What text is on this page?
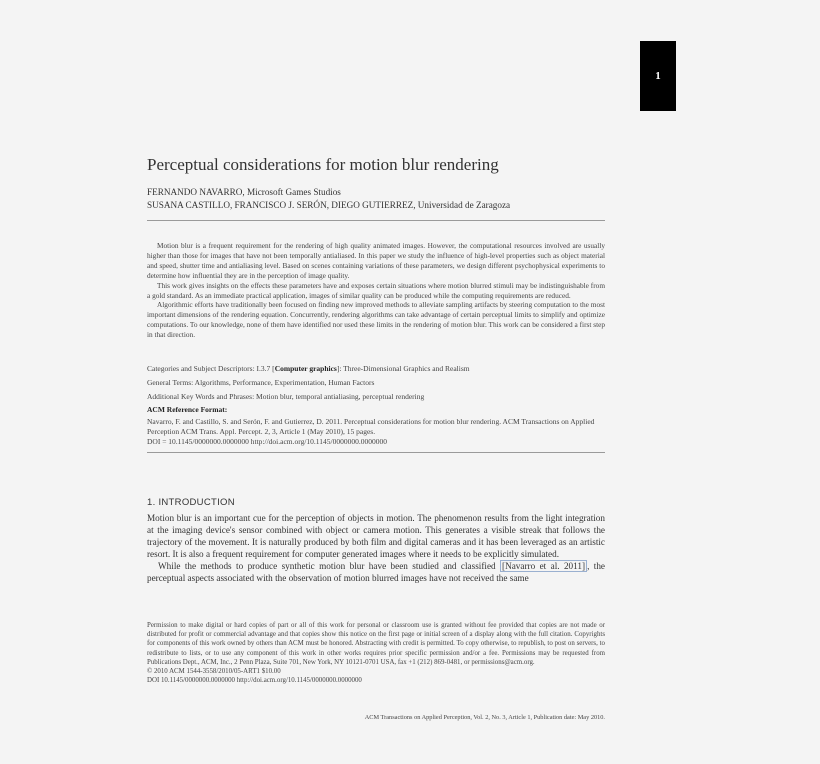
1
Perceptual considerations for motion blur rendering
FERNANDO NAVARRO, Microsoft Games Studios
SUSANA CASTILLO, FRANCISCO J. SERÓN, DIEGO GUTIERREZ, Universidad de Zaragoza

Motion blur is a frequent requirement for the rendering of high quality animated images. However, the computational resources involved are usually higher than those for images that have not been temporally antialiased. In this paper we study the influence of high-level properties such as object material and speed, shutter time and antialiasing level. Based on scenes containing variations of these parameters, we design different psychophysical experiments to determine how influential they are in the perception of image quality.

This work gives insights on the effects these parameters have and exposes certain situations where motion blurred stimuli may be indistinguishable from a gold standard. As an immediate practical application, images of similar quality can be produced while the computing requirements are reduced.

Algorithmic efforts have traditionally been focused on finding new improved methods to alleviate sampling artifacts by steering computation to the most important dimensions of the rendering equation. Concurrently, rendering algorithms can take advantage of certain perceptual limits to simplify and optimize computations. To our knowledge, none of them have identified nor used these limits in the rendering of motion blur. This work can be considered a first step in that direction.

Categories and Subject Descriptors: I.3.7 [Computer graphics]: Three-Dimensional Graphics and Realism
General Terms: Algorithms, Performance, Experimentation, Human Factors
Additional Key Words and Phrases: Motion blur, temporal antialiasing, perceptual rendering
ACM Reference Format:
Navarro, F. and Castillo, S. and Serón, F. and Gutierrez, D. 2011. Perceptual considerations for motion blur rendering. ACM Transactions on Applied Perception ACM Trans. Appl. Percept. 2, 3, Article 1 (May 2010), 15 pages.
DOI = 10.1145/0000000.0000000 http://doi.acm.org/10.1145/0000000.0000000
1. INTRODUCTION

Motion blur is an important cue for the perception of objects in motion. The phenomenon results from the light integration at the imaging device's sensor combined with object or camera motion. This generates a visible streak that follows the trajectory of the movement. It is naturally produced by both film and digital cameras and it has been leveraged as an artistic resort. It is also a frequent requirement for computer generated images where it needs to be explicitly simulated.

While the methods to produce synthetic motion blur have been studied and classified [Navarro et al. 2011] , the perceptual aspects associated with the observation of motion blurred images have not received the same

Permission to make digital or hard copies of part or all of this work for personal or classroom use is granted without fee provided that copies are not made or distributed for profit or commercial advantage and that copies show this notice on the first page or initial screen of a display along with the full citation. Copyrights for components of this work owned by others than ACM must be honored. Abstracting with credit is permitted. To copy otherwise, to republish, to post on servers, to redistribute to lists, or to use any component of this work in other works requires prior specific permission and/or a fee. Permissions may be requested from Publications Dept., ACM, Inc., 2 Penn Plaza, Suite 701, New York, NY 10121-0701 USA, fax +1 (212) 869-0481, or permissions@acm.org.

© 2010 ACM 1544-3558/2010/05-ART1 $10.00

DOI 10.1145/0000000.0000000 http://doi.acm.org/10.1145/0000000.0000000

ACM Transactions on Applied Perception, Vol. 2, No. 3, Article 1, Publication date: May 2010.
